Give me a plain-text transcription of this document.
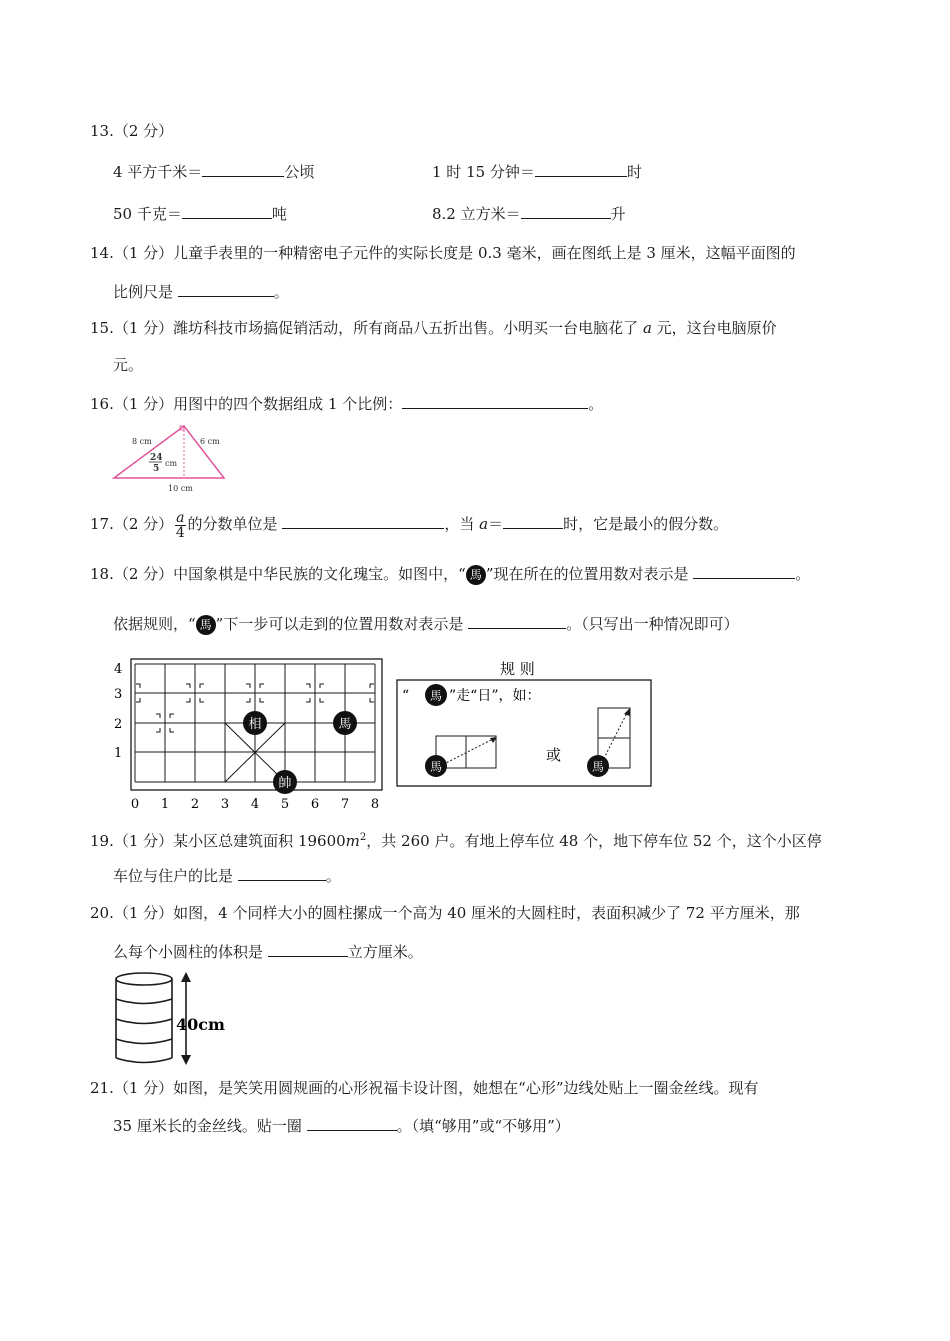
13.（2 分）
4 平方千米＝	公顷	1 时 15 分钟＝	时
50 千克＝	吨	8.2 立方米＝	升
14.（1 分）儿童手表里的一种精密电子元件的实际长度是 0.3 毫米，画在图纸上是 3 厘米，这幅平面图的
比例尺是	。
15.（1 分）潍坊科技市场搞促销活动，所有商品八五折出售。小明买一台电脑花了 a 元，这台电脑原价
元。
16.（1 分）用图中的四个数据组成 1 个比例：	。
8 cm	6 cm
24
5
cm
10 cm
17.（2 分） $\frac{a}{4}$ 的分数单位是	，当 a＝	时，它是最小的假分数。
18.（2 分）中国象棋是中华民族的文化瑰宝。如图中，“ 馬 ”现在所在的位置用数对表示是	。
依据规则，“ 馬 ”下一步可以走到的位置用数对表示是	。（只写出一种情况即可）
4
3
2
1
相	馬
帥
0 1 2 3 4 5 6 7 8
规 则
“ 馬 ”走“日”，如：
馬
或
馬
19.（1 分）某小区总建筑面积 $19600m^2$，共 260 户。有地上停车位 48 个，地下停车位 52 个，这个小区停
车位与住户的比是	。
20.（1 分）如图，4 个同样大小的圆柱摞成一个高为 40 厘米的大圆柱时，表面积减少了 72 平方厘米，那
么每个小圆柱的体积是	立方厘米。
40cm
21.（1 分）如图，是笑笑用圆规画的心形祝福卡设计图，她想在“心形”边线处贴上一圈金丝线。现有
35 厘米长的金丝线。贴一圈	。（填“够用”或“不够用”）
